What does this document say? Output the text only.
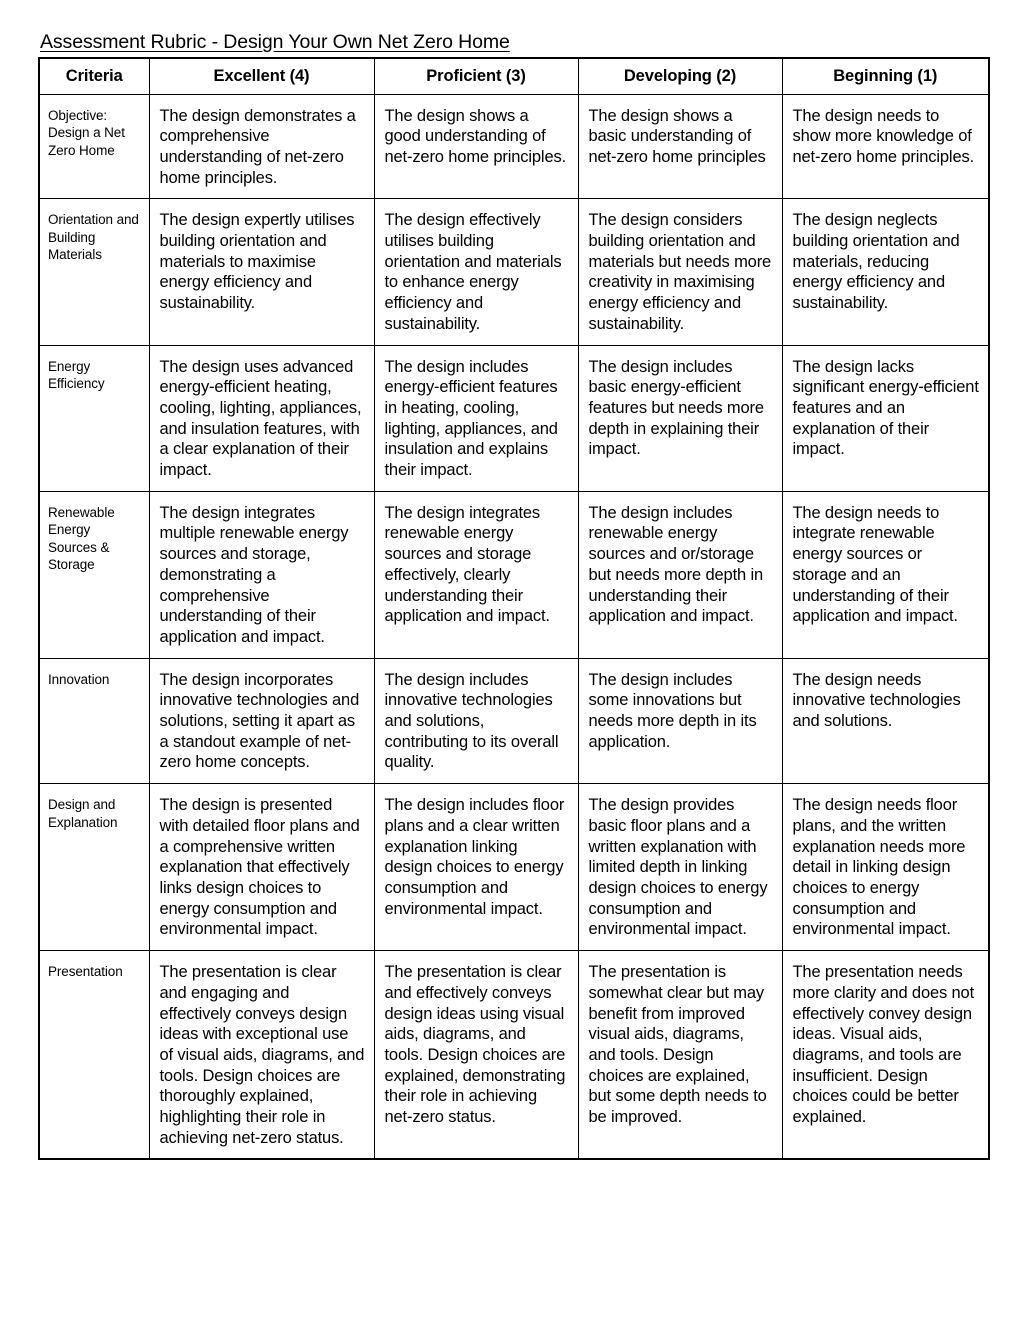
Assessment Rubric - Design Your Own Net Zero Home
Criteria	Excellent (4)	Proficient (3)	Developing (2)	Beginning (1)
Objective: Design a Net Zero Home	The design demonstrates a comprehensive understanding of net-zero home principles.	The design shows a good understanding of net-zero home principles.	The design shows a basic understanding of net-zero home principles	The design needs to show more knowledge of net-zero home principles.
Orientation and Building Materials	The design expertly utilises building orientation and materials to maximise energy efficiency and sustainability.	The design effectively utilises building orientation and materials to enhance energy efficiency and sustainability.	The design considers building orientation and materials but needs more creativity in maximising energy efficiency and sustainability.	The design neglects building orientation and materials, reducing energy efficiency and sustainability.
Energy Efficiency	The design uses advanced energy-efficient heating, cooling, lighting, appliances, and insulation features, with a clear explanation of their impact.	The design includes energy-efficient features in heating, cooling, lighting, appliances, and insulation and explains their impact.	The design includes basic energy-efficient features but needs more depth in explaining their impact.	The design lacks significant energy-efficient features and an explanation of their impact.
Renewable Energy Sources & Storage	The design integrates multiple renewable energy sources and storage, demonstrating a comprehensive understanding of their application and impact.	The design integrates renewable energy sources and storage effectively, clearly understanding their application and impact.	The design includes renewable energy sources and or/storage but needs more depth in understanding their application and impact.	The design needs to integrate renewable energy sources or storage and an understanding of their application and impact.
Innovation	The design incorporates innovative technologies and solutions, setting it apart as a standout example of net-zero home concepts.	The design includes innovative technologies and solutions, contributing to its overall quality.	The design includes some innovations but needs more depth in its application.	The design needs innovative technologies and solutions.
Design and Explanation	The design is presented with detailed floor plans and a comprehensive written explanation that effectively links design choices to energy consumption and environmental impact.	The design includes floor plans and a clear written explanation linking design choices to energy consumption and environmental impact.	The design provides basic floor plans and a written explanation with limited depth in linking design choices to energy consumption and environmental impact.	The design needs floor plans, and the written explanation needs more detail in linking design choices to energy consumption and environmental impact.
Presentation	The presentation is clear and engaging and effectively conveys design ideas with exceptional use of visual aids, diagrams, and tools. Design choices are thoroughly explained, highlighting their role in achieving net-zero status.	The presentation is clear and effectively conveys design ideas using visual aids, diagrams, and tools. Design choices are explained, demonstrating their role in achieving net-zero status.	The presentation is somewhat clear but may benefit from improved visual aids, diagrams, and tools. Design choices are explained, but some depth needs to be improved.	The presentation needs more clarity and does not effectively convey design ideas. Visual aids, diagrams, and tools are insufficient. Design choices could be better explained.
